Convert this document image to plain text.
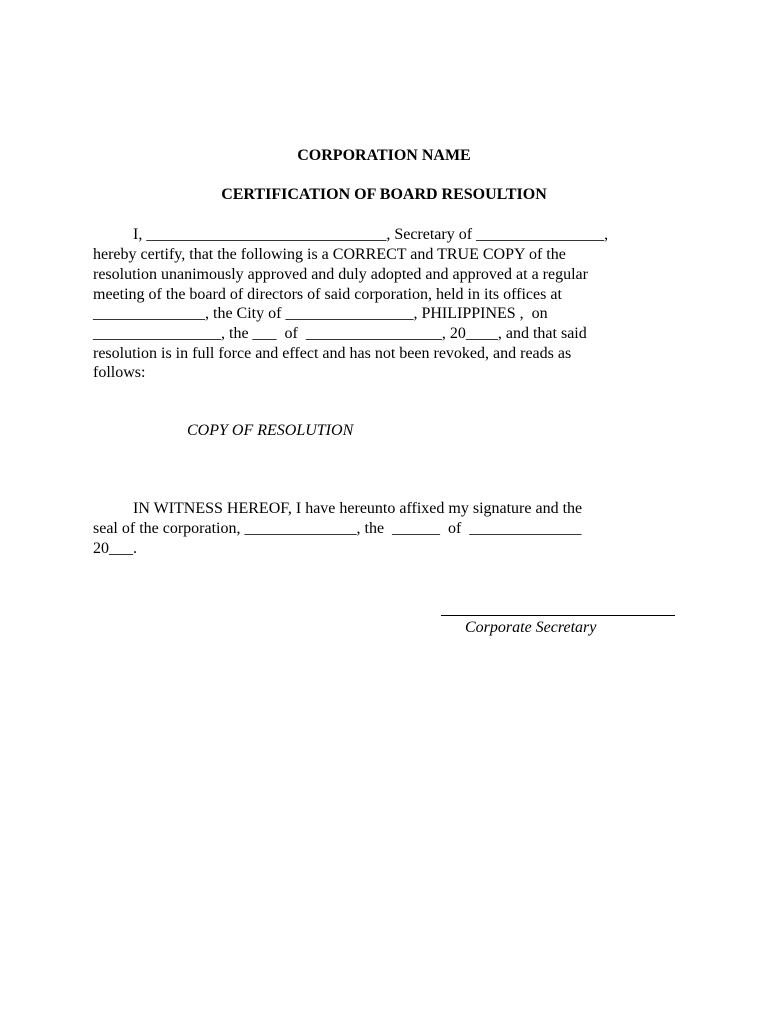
CORPORATION NAME
CERTIFICATION OF BOARD RESOULTION
I, ______________________________, Secretary of ________________,
hereby certify, that the following is a CORRECT and TRUE COPY of the
resolution unanimously approved and duly adopted and approved at a regular
meeting of the board of directors of said corporation, held in its offices at
______________, the City of ________________, PHILIPPINES ,  on
________________, the ___  of  _________________, 20____, and that said
resolution is in full force and effect and has not been revoked, and reads as
follows:
COPY OF RESOLUTION
IN WITNESS HEREOF, I have hereunto affixed my signature and the
seal of the corporation, ______________, the  ______  of  ______________
20___.
Corporate Secretary
